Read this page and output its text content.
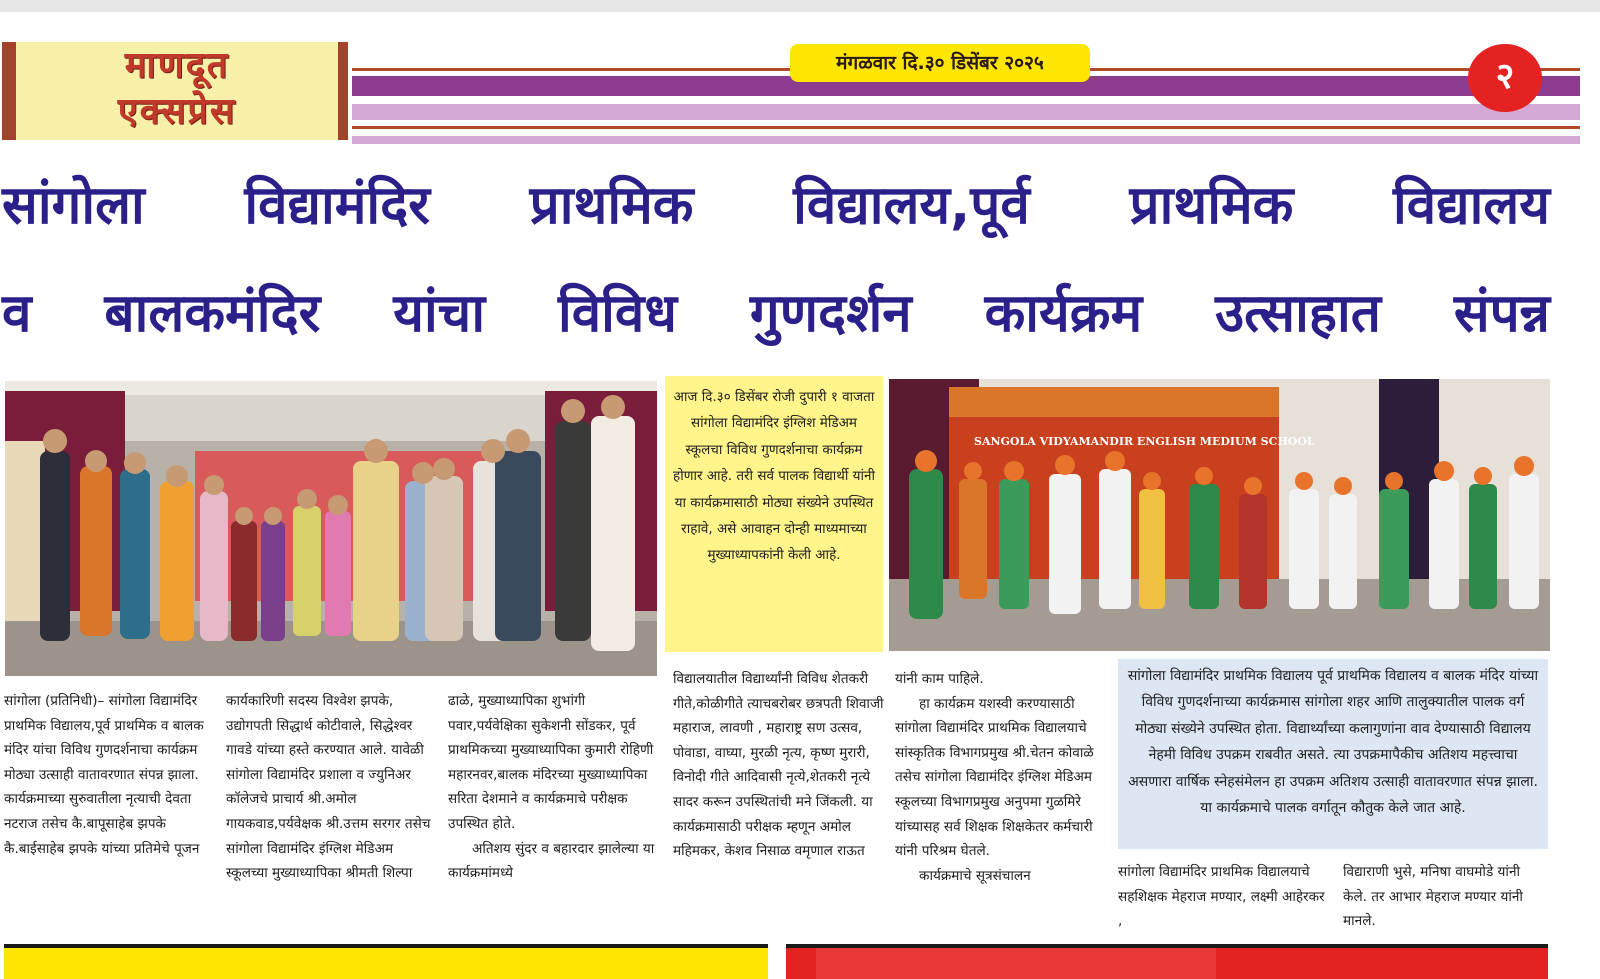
माणदूत
एक्सप्रेस
मंगळवार दि.३० डिसेंबर २०२५	२
सांगोला विद्यामंदिर प्राथमिक विद्यालय,पूर्व प्राथमिक विद्यालय
व बालकमंदिर यांचा विविध गुणदर्शन कार्यक्रम उत्साहात संपन्न
आज दि.३० डिसेंबर रोजी दुपारी १ वाजता सांगोला विद्यामंदिर इंग्लिश मेडिअम स्कूलचा विविध गुणदर्शनाचा कार्यक्रम होणार आहे. तरी सर्व पालक विद्यार्थी यांनी या कार्यक्रमासाठी मोठ्या संख्येने उपस्थित राहावे, असे आवाहन दोन्ही माध्यमाच्या मुख्याध्यापकांनी केली आहे.
SANGOLA VIDYAMANDIR ENGLISH MEDIUM SCHOOL
सांगोला विद्यामंदिर प्राथमिक विद्यालय पूर्व प्राथमिक विद्यालय व बालक मंदिर यांच्या विविध गुणदर्शनाच्या कार्यक्रमास सांगोला शहर आणि तालुक्यातील पालक वर्ग मोठ्या संख्येने उपस्थित होता. विद्यार्थ्यांच्या कलागुणांना वाव देण्यासाठी विद्यालय नेहमी विविध उपक्रम राबवीत असते. त्या उपक्रमापैकीच अतिशय महत्त्वाचा असणारा वार्षिक स्नेहसंमेलन हा उपक्रम अतिशय उत्साही वातावरणात संपन्न झाला. या कार्यक्रमाचे पालक वर्गातून कौतुक केले जात आहे.

सांगोला (प्रतिनिधी)– सांगोला विद्यामंदिर प्राथमिक विद्यालय,पूर्व प्राथमिक व बालक मंदिर यांचा विविध गुणदर्शनाचा कार्यक्रम मोठ्या उत्साही वातावरणात संपन्न झाला. कार्यक्रमाच्या सुरुवातीला नृत्याची देवता नटराज तसेच कै.बापूसाहेब झपके कै.बाईसाहेब झपके यांच्या प्रतिमेचे पूजन

कार्यकारिणी सदस्य विश्वेश झपके, उद्योगपती सिद्धार्थ कोटीवाले, सिद्धेश्वर गावडे यांच्या हस्ते करण्यात आले. यावेळी सांगोला विद्यामंदिर प्रशाला व ज्युनिअर कॉलेजचे प्राचार्य श्री.अमोल गायकवाड,पर्यवेक्षक श्री.उत्तम सरगर तसेच सांगोला विद्यामंदिर इंग्लिश मेडिअम स्कूलच्या मुख्याध्यापिका श्रीमती शिल्पा

ढाळे, मुख्याध्यापिका शुभांगी पवार,पर्यवेक्षिका सुकेशनी सोंडकर, पूर्व प्राथमिकच्या मुख्याध्यापिका कुमारी रोहिणी महारनवर,बालक मंदिरच्या मुख्याध्यापिका सरिता देशमाने व कार्यक्रमाचे परीक्षक उपस्थित होते.

अतिशय सुंदर व बहारदार झालेल्या या कार्यक्रमांमध्ये

विद्यालयातील विद्यार्थ्यांनी विविध शेतकरी गीते,कोळीगीते त्याचबरोबर छत्रपती शिवाजी महाराज, लावणी , महाराष्ट्र सण उत्सव, पोवाडा, वाघ्या, मुरळी नृत्य, कृष्ण मुरारी, विनोदी गीते आदिवासी नृत्ये,शेतकरी नृत्ये सादर करून उपस्थितांची मने जिंकली. या कार्यक्रमासाठी परीक्षक म्हणून अमोल महिमकर, केशव निसाळ वमृणाल राऊत

यांनी काम पाहिले.

हा कार्यक्रम यशस्वी करण्यासाठी सांगोला विद्यामंदिर प्राथमिक विद्यालयाचे सांस्कृतिक विभागप्रमुख श्री.चेतन कोवाळे तसेच सांगोला विद्यामंदिर इंग्लिश मेडिअम स्कूलच्या विभागप्रमुख अनुपमा गुळमिरे यांच्यासह सर्व शिक्षक शिक्षकेतर कर्मचारी यांनी परिश्रम घेतले.

कार्यक्रमाचे सूत्रसंचालन	सांगोला विद्यामंदिर प्राथमिक विद्यालयाचे सहशिक्षक मेहराज मण्यार, लक्ष्मी आहेरकर ,

विद्याराणी भुसे, मनिषा वाघमोडे यांनी केले. तर आभार मेहराज मण्यार यांनी मानले.
